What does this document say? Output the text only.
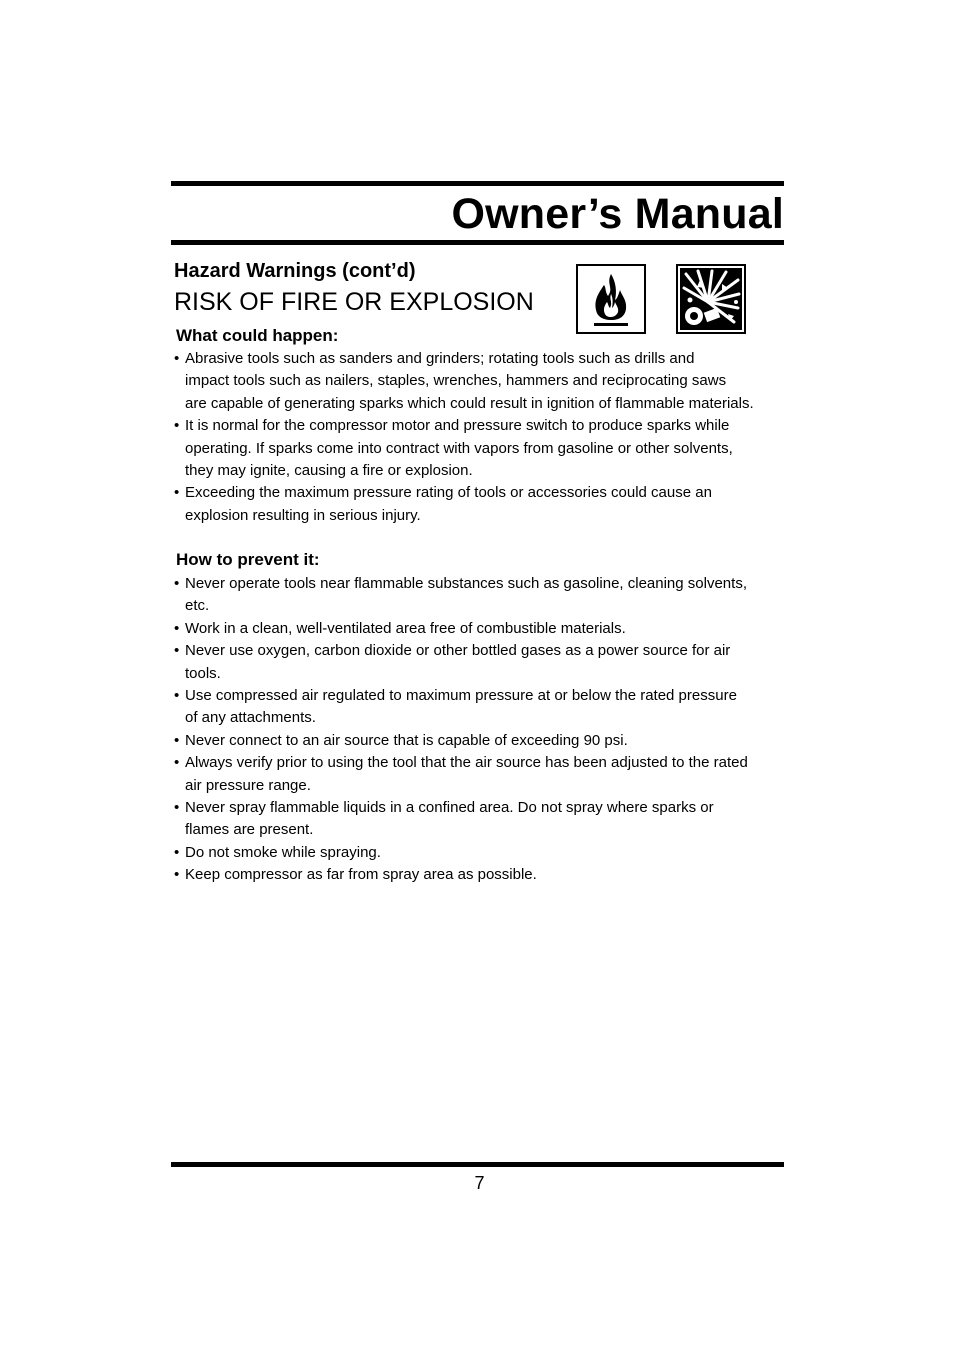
Owner’s Manual
Hazard Warnings (cont’d)
RISK OF FIRE OR EXPLOSION
What could happen:
• Abrasive tools such as sanders and grinders; rotating tools such as drills and
impact tools such as nailers, staples, wrenches, hammers and reciprocating saws
are capable of generating sparks which could result in ignition of flammable materials.
• It is normal for the compressor motor and pressure switch to produce sparks while
operating. If sparks come into contract with vapors from gasoline or other solvents,
they may ignite, causing a fire or explosion.
• Exceeding the maximum pressure rating of tools or accessories could cause an
explosion resulting in serious injury.
How to prevent it:
• Never operate tools near flammable substances such as gasoline, cleaning solvents,
etc.
• Work in a clean, well-ventilated area free of combustible materials.
• Never use oxygen, carbon dioxide or other bottled gases as a power source for air
tools.
• Use compressed air regulated to maximum pressure at or below the rated pressure
of any attachments.
• Never connect to an air source that is capable of exceeding 90 psi.
• Always verify prior to using the tool that the air source has been adjusted to the rated
air pressure range.
• Never spray flammable liquids in a confined area. Do not spray where sparks or
flames are present.
• Do not smoke while spraying.
• Keep compressor as far from spray area as possible.
7
